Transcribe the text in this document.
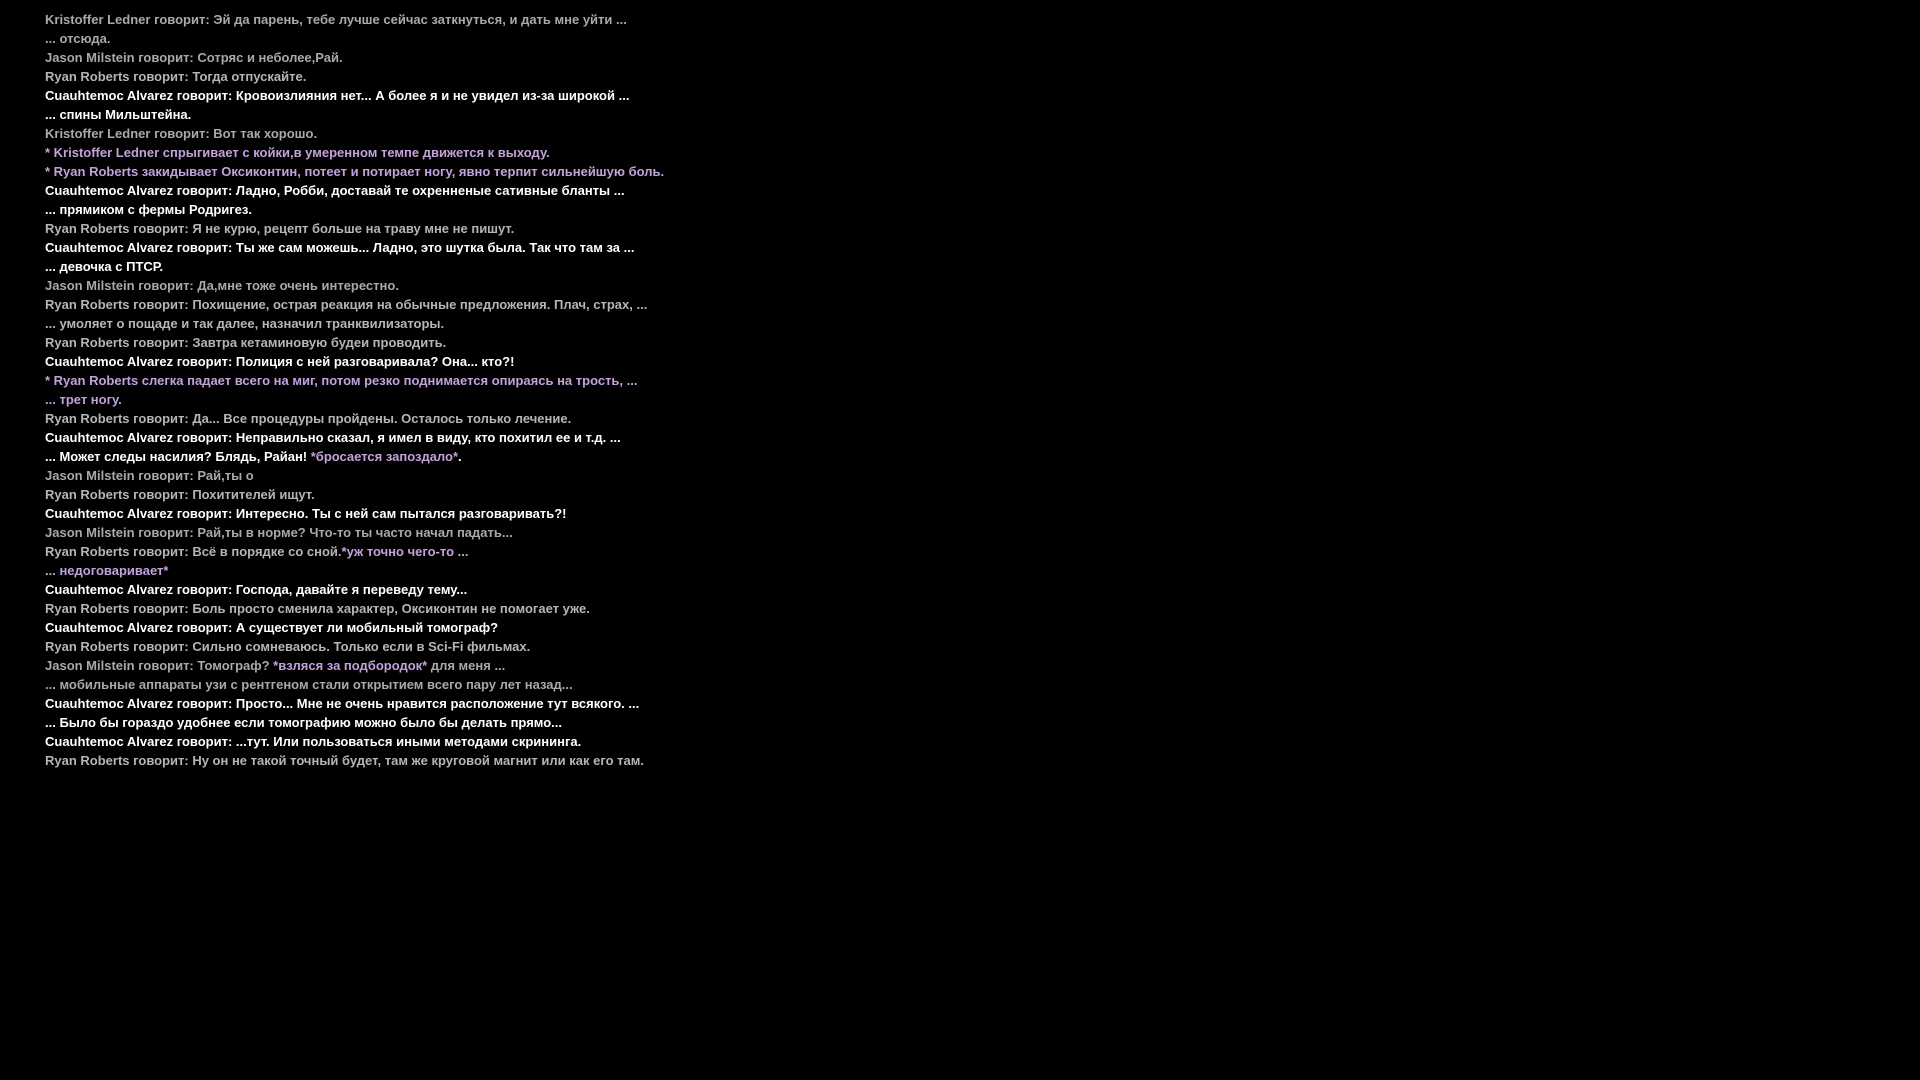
Kristoffer Ledner говорит: Эй да парень, тебе лучше сейчас заткнуться, и дать мне уйти ...
... отсюда.
Jason Milstein говорит: Сотряс и неболее,Рай.
Ryan Roberts говорит: Тогда отпускайте.
Cuauhtemoc Alvarez говорит: Кровоизлияния нет... А более я и не увидел из-за широкой ...
... спины Мильштейна.
Kristoffer Ledner говорит: Вот так хорошо.
* Kristoffer Ledner спрыгивает с койки,в умеренном темпе движется к выходу.
* Ryan Roberts закидывает Оксиконтин, потеет и потирает ногу, явно терпит сильнейшую боль.
Cuauhtemoc Alvarez говорит: Ладно, Робби, доставай те охренненые сативные бланты ...
... прямиком с фермы Родригез.
Ryan Roberts говорит: Я не курю, рецепт больше на траву мне не пишут.
Cuauhtemoc Alvarez говорит: Ты же сам можешь... Ладно, это шутка была. Так что там за ...
... девочка с ПТСР.
Jason Milstein говорит: Да,мне тоже очень интерестно.
Ryan Roberts говорит: Похищение, острая реакция на обычные предложения. Плач, страх, ...
... умоляет о пощаде и так далее, назначил транквилизаторы.
Ryan Roberts говорит: Завтра кетаминовую будеи проводить.
Cuauhtemoc Alvarez говорит: Полиция с ней разговаривала? Она... кто?!
* Ryan Roberts слегка падает всего на миг, потом резко поднимается опираясь на трость, ...
... трет ногу.
Ryan Roberts говорит: Да... Все процедуры пройдены. Осталось только лечение.
Cuauhtemoc Alvarez говорит: Неправильно сказал, я имел в виду, кто похитил ее и т.д. ...
... Может следы насилия? Блядь, Райан! *бросается запоздало*.
Jason Milstein говорит: Рай,ты о
Ryan Roberts говорит: Похитителей ищут.
Cuauhtemoc Alvarez говорит: Интересно. Ты с ней сам пытался разговаривать?!
Jason Milstein говорит: Рай,ты в норме? Что-то ты часто начал падать...
Ryan Roberts говорит: Всё в порядке со сной.*уж точно чего-то ...
... недоговаривает*
Cuauhtemoc Alvarez говорит: Господа, давайте я переведу тему...
Ryan Roberts говорит: Боль просто сменила характер, Оксиконтин не помогает уже.
Cuauhtemoc Alvarez говорит: А существует ли мобильный томограф?
Ryan Roberts говорит: Сильно сомневаюсь. Только если в Sci-Fi фильмах.
Jason Milstein говорит: Томограф? *взляся за подбородок* для меня ...
... мобильные аппараты узи с рентгеном стали открытием всего пару лет назад...
Cuauhtemoc Alvarez говорит: Просто... Мне не очень нравится расположение тут всякого. ...
... Было бы гораздо удобнее если томографию можно было бы делать прямо...
Cuauhtemoc Alvarez говорит: ...тут. Или пользоваться иными методами скрининга.
Ryan Roberts говорит: Ну он не такой точный будет, там же круговой магнит или как его там.
